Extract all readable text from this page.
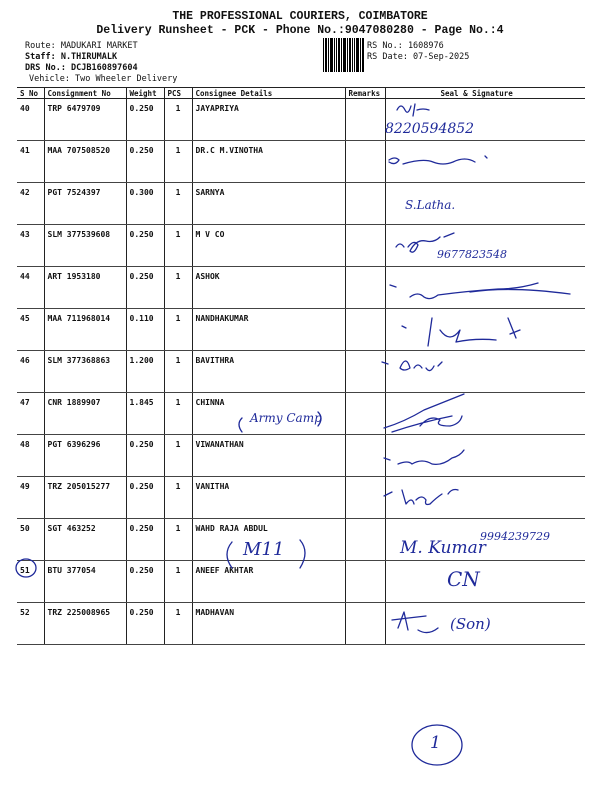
THE PROFESSIONAL COURIERS, COIMBATORE
Delivery Runsheet - PCK - Phone No.:9047080280 - Page No.:4
Route: MADUKARI MARKET
Staff: N.THIRUMALK
DRS No.: DCJB160897604
Vehicle: Two Wheeler Delivery
RS No.: 1608976
RS Date: 07-Sep-2025
S No	Consignment No	Weight	PCS	Consignee Details	Remarks	Seal & Signature
40	TRP 6479709	0.250	1	JAYAPRIYA		
41	MAA 707508520	0.250	1	DR.C M.VINOTHA		
42	PGT 7524397	0.300	1	SARNYA		
43	SLM 377539608	0.250	1	M V CO		
44	ART 1953180	0.250	1	ASHOK		
45	MAA 711968014	0.110	1	NANDHAKUMAR		
46	SLM 377368863	1.200	1	BAVITHRA		
47	CNR 1889907	1.845	1	CHINNA		
48	PGT 6396296	0.250	1	VIWANATHAN		
49	TRZ 205015277	0.250	1	VANITHA		
50	SGT 463252	0.250	1	WAHD RAJA ABDUL		
51	BTU 377054	0.250	1	ANEEF AKHTAR		
52	TRZ 225008965	0.250	1	MADHAVAN		
8220594852
S.Latha.
9677823548
Army Camp
M11	M. Kumar
9994239729
CN
(Son)
1
